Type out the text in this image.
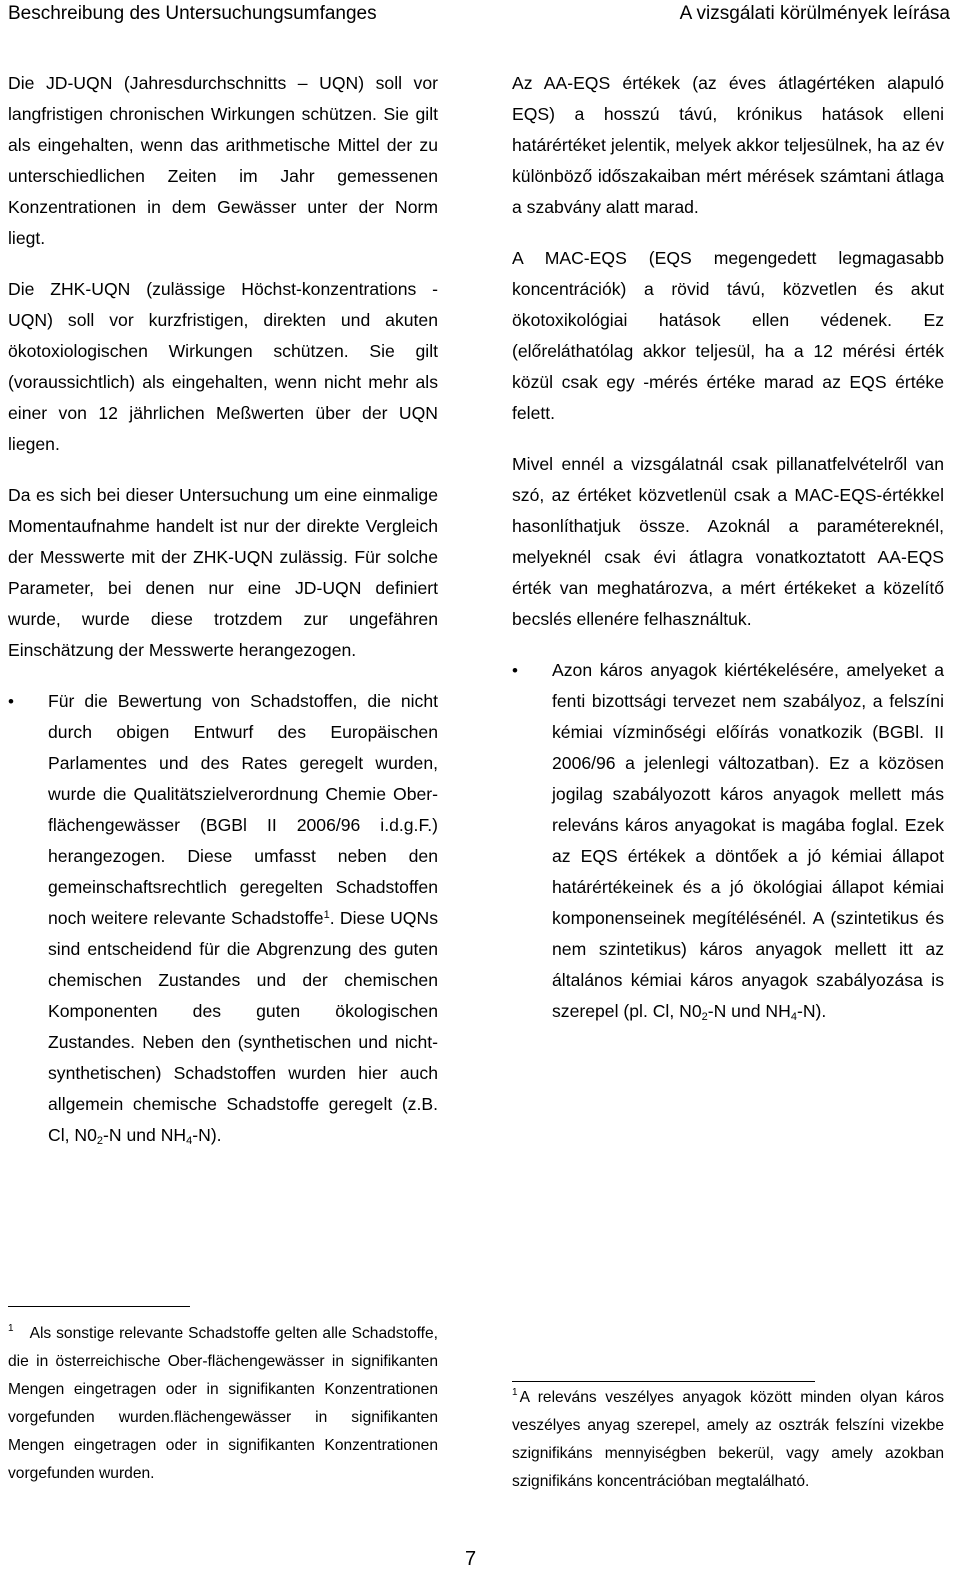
Beschreibung des Untersuchungsumfanges	A vizsgálati körülmények leírása

Die JD-UQN (Jahresdurchschnitts – UQN) soll vor langfristigen chronischen Wirkungen schützen. Sie gilt als eingehalten, wenn das arithmetische Mittel der zu unterschiedlichen Zeiten im Jahr gemessenen Konzentrationen in dem Gewässer unter der Norm liegt.

Die ZHK-UQN (zulässige Höchst-konzentrations - UQN) soll vor kurzfristigen, direkten und akuten ökotoxiologischen Wirkungen schützen. Sie gilt (voraussichtlich) als eingehalten, wenn nicht mehr als einer von 12 jährlichen Meßwerten über der UQN liegen.

Da es sich bei dieser Untersuchung um eine einmalige Momentaufnahme handelt ist nur der direkte Vergleich der Messwerte mit der ZHK-UQN zulässig. Für solche Parameter, bei denen nur eine JD-UQN definiert wurde, wurde diese trotzdem zur ungefähren Einschätzung der Messwerte herangezogen.

•	Für die Bewertung von Schadstoffen, die nicht durch obigen Entwurf des Europäischen Parlamentes und des Rates geregelt wurden, wurde die Qualitätszielverordnung Chemie Ober-flächengewässer (BGBl II 2006/96 i.d.g.F.) herangezogen. Diese umfasst neben den gemeinschaftsrechtlich geregelten Schadstoffen noch weitere relevante Schadstoffe$^1$. Diese UQNs sind entscheidend für die Abgrenzung des guten chemischen Zustandes und der chemischen Komponenten des guten ökologischen Zustandes. Neben den (synthetischen und nicht-synthetischen) Schadstoffen wurden hier auch allgemein chemische Schadstoffe geregelt (z.B. Cl, $N0_2-N$ und $NH_4-N$).

Az AA-EQS értékek (az éves átlagértéken alapuló EQS) a hosszú távú, krónikus hatások elleni határértéket jelentik, melyek akkor teljesülnek, ha az év különböző időszakaiban mért mérések számtani átlaga a szabvány alatt marad.

A MAC-EQS (EQS megengedett legmagasabb koncentrációk) a rövid távú, közvetlen és akut ökotoxikológiai hatások ellen védenek. Ez (előreláthatólag akkor teljesül, ha a 12 mérési érték közül csak egy -mérés értéke marad az EQS értéke felett.

Mivel ennél a vizsgálatnál csak pillanatfelvételről van szó, az értéket közvetlenül csak a MAC-EQS-értékkel hasonlíthatjuk össze. Azoknál a paramétereknél, melyeknél csak évi átlagra vonatkoztatott AA-EQS érték van meghatározva, a mért értékeket a közelítő becslés ellenére felhasználtuk.

•	Azon káros anyagok kiértékelésére, amelyeket a fenti bizottsági tervezet nem szabályoz, a felszíni kémiai vízminőségi előírás vonatkozik (BGBl. II 2006/96 a jelenlegi változatban). Ez a közösen jogilag szabályozott káros anyagok mellett más releváns káros anyagokat is magába foglal. Ezek az EQS értékek a döntőek a jó kémiai állapot határértékeinek és a jó ökológiai állapot kémiai komponenseinek megítélésénél. A (szintetikus és nem szintetikus) káros anyagok mellett itt az általános kémiai káros anyagok szabályozása is szerepel (pl. Cl, $N0_2-N$ und $NH_4-N$).
$^1$ Als sonstige relevante Schadstoffe gelten alle Schadstoffe, die in österreichische Ober-flächengewässer in signifikanten Mengen eingetragen oder in signifikanten Konzentrationen vorgefunden wurden.flächengewässer in signifikanten Mengen eingetragen oder in signifikanten Konzentrationen vorgefunden wurden.
$^1$ A releváns veszélyes anyagok között minden olyan káros veszélyes anyag szerepel, amely az osztrák felszíni vizekbe szignifikáns mennyiségben bekerül, vagy amely azokban szignifikáns koncentrációban megtalálható.
7
